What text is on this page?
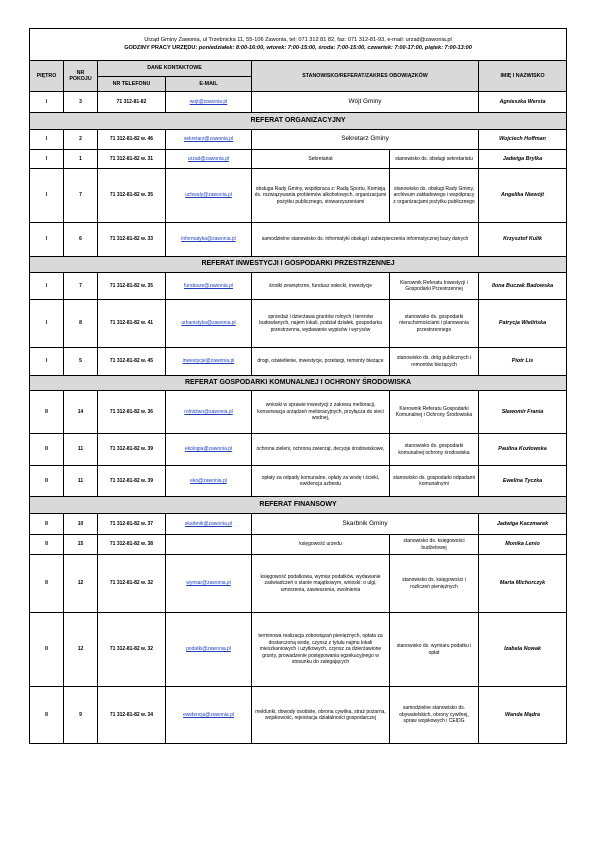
Urząd Gminy Zawonia, ul Trzebnicka 11, 55-106 Zawonia, tel: 071 312 81 82, faz: 071 312-81-93, e-mail: urzad@zawonia.pl
GODZINY PRACY URZĘDU: poniedziałek: 8:00-16:00, wtorek: 7:00-15:00, środa: 7:00-15:00, czwartek: 7:00-17:00, piątek: 7:00-13:00						

PIĘTRO	NR POKOJU	DANE KONTAKTOWE		STANOWISKO/REFERAT/ZAKRES OBOWIĄZKÓW		IMIĘ I NAZWISKO
		NR TELEFONU	E-MAIL			
I	3	71 312-81-82	wojt@zawonia.pl	Wójt Gminy		Agnieszka Wersta
REFERAT ORGANIZACYJNY						
I	2	71 312-81-82 w. 46	sekretarz@zawonia.pl	Sekretarz Gminy		Wojciech Hoffman
I	1	71 312-81-82 w. 31	urzad@zawonia.pl	Sekretariat	stanowisko ds. obsługi sekretariatu	Jadwiga Brylka
I	7	71 312-81-82 w. 35	uchwaly@zawonia.pl	obsługa Rady Gminy, współpraca z: Radą Sportu, Komisją ds. rozwiązywania problemów alkoholowych, organizacjami pożytku publicznego, stowarzyszeniami	stanowisko ds. obsługi Rady Gminy, archiwum zakładowego i współpracy z organizacjami pożytku publicznego	Angelika Niewójt
I	6	71 312-81-82 w. 33	informatyka@zawonia.pl	samodzielne stanowisko ds. informatyki obsługi i zabezpieczenia informatycznej bazy danych		Krzysztof Kulik
REFERAT INWESTYCJI I GOSPODARKI PRZESTRZENNEJ						
I	7	71 312-81-82 w. 35	fundusze@zawonia.pl	środki zewnętrzne, fundusz sołecki, inwestycje	Kierownik Referatu Inwestycji i Gospodarki Przestrzennej	Ilona Buczak Badowska
I	8	71 312-81-82 w. 41	urbanistyka@zawonia.pl	sprzedaż i dzierżawa gruntów rolnych i terenów budowlanych, najem lokali, podział działek, gospodarka przestrzenna, wydawanie wypisów i wyrysów	stanowisko ds. gospodarki nieruchomościami i planowania przestrzennego	Patrycja Wielińska
I	5	71 312-81-82 w. 45	inwestycje@zawonia.pl	drogi, oświetlenie, inwestycje, przetargi, remonty bieżące	stanowisko ds. dróg publicznych i remontów bieżących	Piotr Lis
REFERAT GOSPODARKI KOMUNALNEJ I OCHRONY ŚRODOWISKA						
II	14	71 312-81-82 w. 36	rolnictwo@zawonia.pl	wnioski w sprawie inwestycji z zakresu melioracji, konserwacja urządzeń melioracyjnych, przyłącza do sieci wodnej,	Kierownik Referatu Gospodarki Komunalnej i Ochrony Środowiska	Sławomir Frania
II	11	71 312-81-82 w. 39	ekologia@zawonia.pl	ochrona zieleni, ochrona zwierząt, decyzje środowiskowe,	stanowisko ds. gospodarki komunalnej ochrony środowiska	Paulina Kozłowska
II	11	71 312-81-82 w. 39	eko@zawonia.pl	opłaty za odpady komunalne, opłaty za wodę i ścieki, ewidencja azbestu	stanowisko ds. gospodarki odpadami komunalnymi	Ewelina Tyczka
REFERAT FINANSOWY						
II	10	71 312-81-82 w. 37	skarbnik@zawonia.pl	Skarbnik Gminy		Jadwiga Kaczmarek
II	15	71 312-81-82 w. 38		księgowość urzedu	stanowisko ds. księgowości budżetowej	Monika Lenio
II	12	71 312-81-82 w. 32	wymiar@zawonia.pl	księgowość podatkowa, wymiar podatków, wydawanie zaświadczeń o stanie majątkowym, wnioski: o ulgi, umorzenia, zawieszenia, zwolnienia	stanowisko ds. księgowości i rozliczeń pieniężnych	Marta Michorczyk
II	12	71 312-81-82 w. 32	podatki@zawonia.pl	terminowa realizacja zobowiązań pieniężnych, opłata za dostarczoną wodę, czynsz z tytułu najmu lokali mieszkaniowych i użytkowych, czynsz za dzierżawione grunty, prowadzenie postępowania egzekucyjnego w stosunku do zalegających	stanowisko ds. wymiaru podatku i opłat	Izabela Nowak
II	9	71 312-81-82 w. 34	ewidencja@zawonia.pl	meldunki, dowody osobiste, obrona cywilna, straż pożarna, wojskowość, rejestracja działalności gospodarczej	samodzielne stanowisko ds. obywatelskich, obrony cywilnej, spraw wojskowych i CEIDG	Wanda Mądra
